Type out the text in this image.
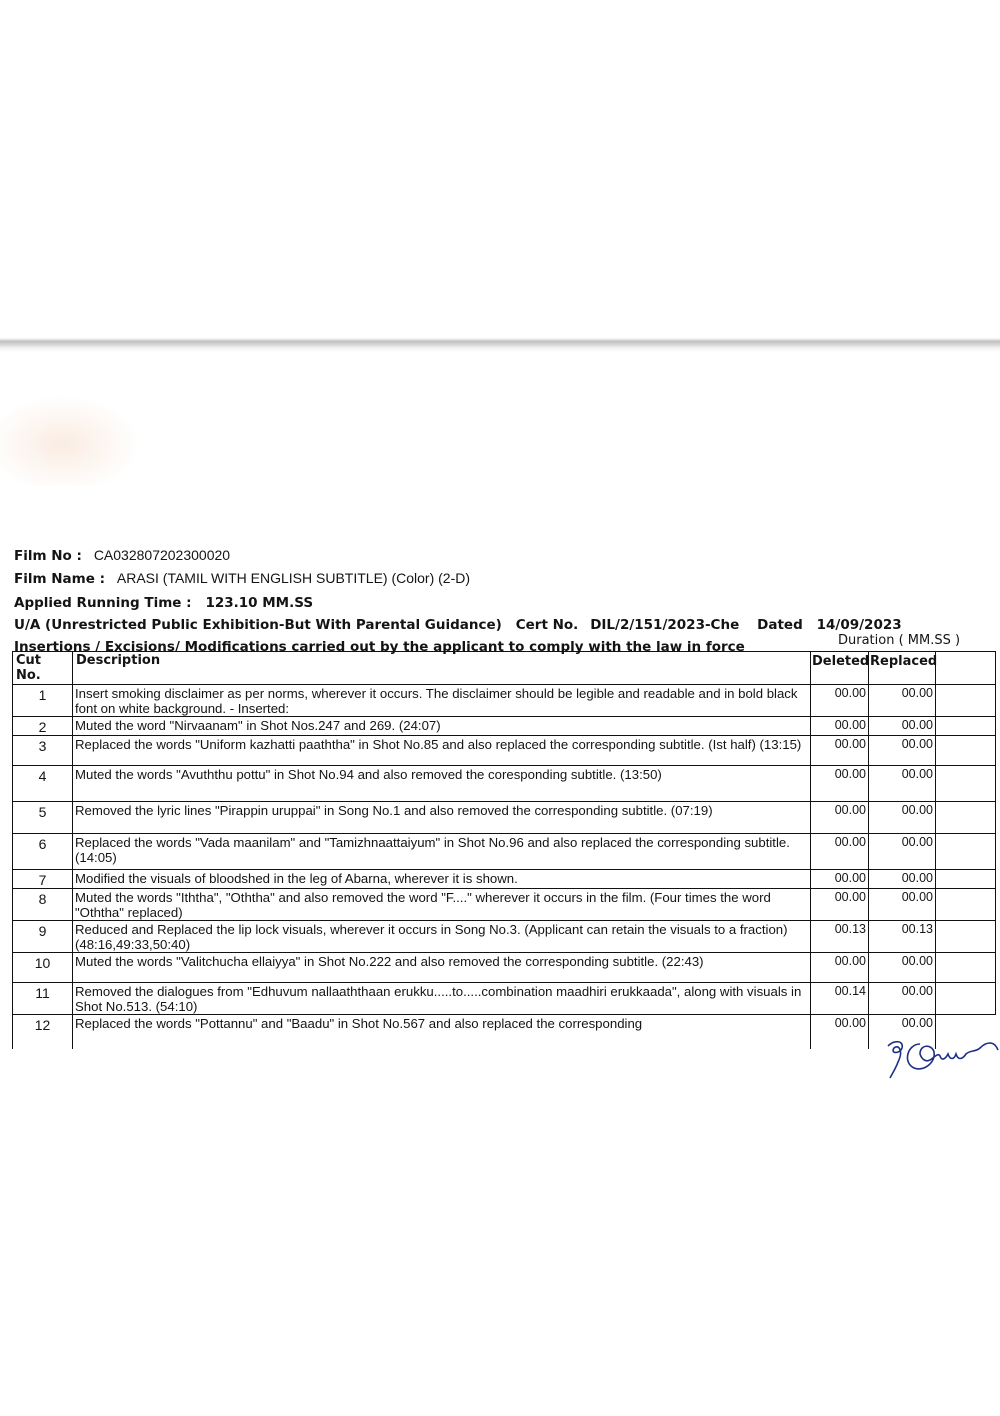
Film No : CA032807202300020
Film Name : ARASI (TAMIL WITH ENGLISH SUBTITLE) (Color) (2-D)
Applied Running Time : 123.10 MM.SS
U/A (Unrestricted Public Exhibition-But With Parental Guidance) Cert No. DIL/2/151/2023-Che Dated 14/09/2023
Insertions / Excisions/ Modifications carried out by the applicant to comply with the law in force	Duration ( MM.SS )
Cut No.	Description	Deleted	Replaced	
1	Insert smoking disclaimer as per norms, wherever it occurs. The disclaimer should be legible and readable and in bold black font on white background. - Inserted:	00.00	00.00	
2	Muted the word "Nirvaanam" in Shot Nos.247 and 269. (24:07)	00.00	00.00	
3	Replaced the words "Uniform kazhatti paaththa" in Shot No.85 and also replaced the corresponding subtitle. (Ist half) (13:15)	00.00	00.00	
4	Muted the words "Avuththu pottu" in Shot No.94 and also removed the coresponding subtitle. (13:50)	00.00	00.00	
5	Removed the lyric lines "Pirappin uruppai" in Song No.1 and also removed the corresponding subtitle. (07:19)	00.00	00.00	
6	Replaced the words "Vada maanilam" and "Tamizhnaattaiyum" in Shot No.96 and also replaced the corresponding subtitle. (14:05)	00.00	00.00	
7	Modified the visuals of bloodshed in the leg of Abarna, wherever it is shown.	00.00	00.00	
8	Muted the words "Iththa", "Oththa" and also removed the word "F...." wherever it occurs in the film. (Four times the word "Oththa" replaced)	00.00	00.00	
9	Reduced and Replaced the lip lock visuals, wherever it occurs in Song No.3. (Applicant can retain the visuals to a fraction) (48:16,49:33,50:40)	00.13	00.13	
10	Muted the words "Valitchucha ellaiyya" in Shot No.222 and also removed the corresponding subtitle. (22:43)	00.00	00.00	
11	Removed the dialogues from "Edhuvum nallaaththaan erukku.....to.....combination maadhiri erukkaada", along with visuals in Shot No.513. (54:10)	00.14	00.00	
12	Replaced the words "Pottannu" and "Baadu" in Shot No.567 and also replaced the corresponding	00.00	00.00	
